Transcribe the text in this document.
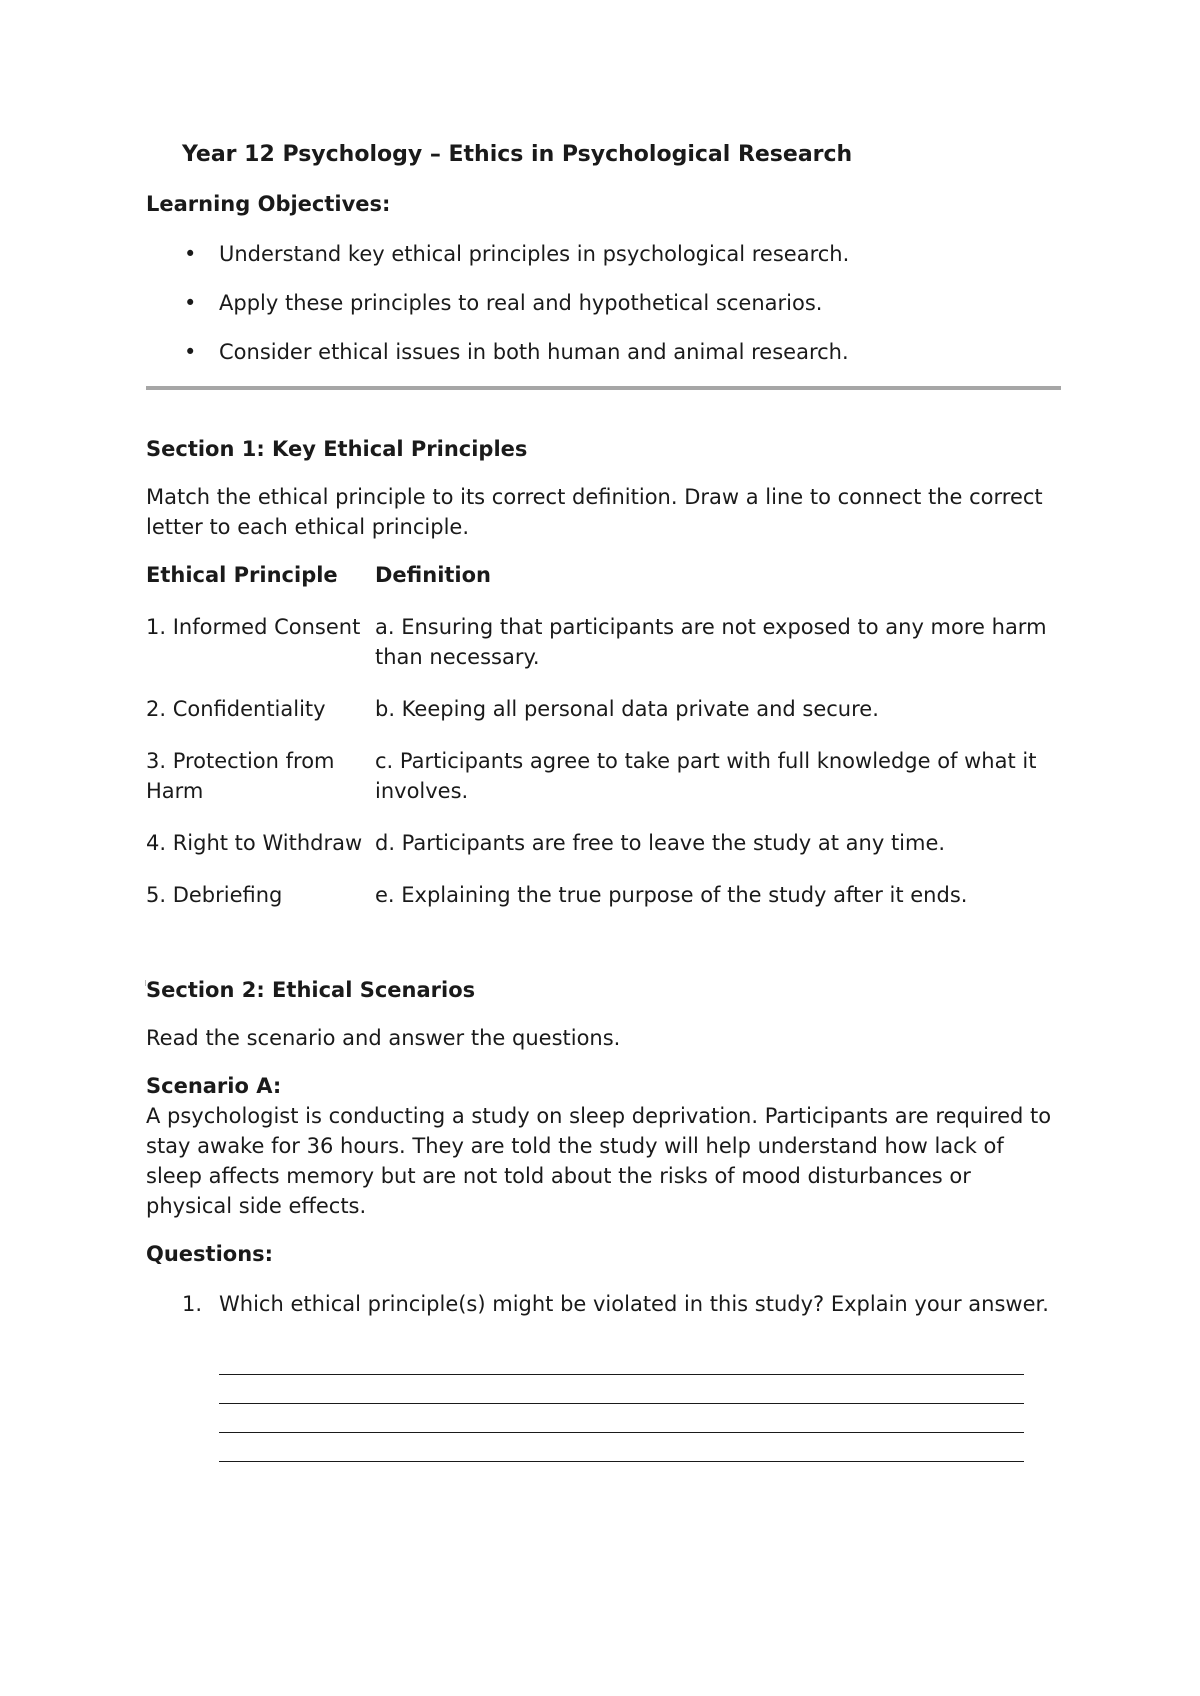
Year 12 Psychology – Ethics in Psychological Research

Learning Objectives:

• Understand key ethical principles in psychological research.
• Apply these principles to real and hypothetical scenarios.
• Consider ethical issues in both human and animal research.

Section 1: Key Ethical Principles

Match the ethical principle to its correct definition. Draw a line to connect the correct letter to each ethical principle.

Ethical Principle	Definition
1. Informed Consent	a. Ensuring that participants are not exposed to any more harm than necessary.
2. Confidentiality	b. Keeping all personal data private and secure.
3. Protection from Harm	c. Participants agree to take part with full knowledge of what it involves.
4. Right to Withdraw	d. Participants are free to leave the study at any time.
5. Debriefing	e. Explaining the true purpose of the study after it ends.

Section 2: Ethical Scenarios

Read the scenario and answer the questions.

Scenario A:

A psychologist is conducting a study on sleep deprivation. Participants are required to stay awake for 36 hours. They are told the study will help understand how lack of sleep affects memory but are not told about the risks of mood disturbances or physical side effects.

Questions:

1. Which ethical principle(s) might be violated in this study? Explain your answer.
